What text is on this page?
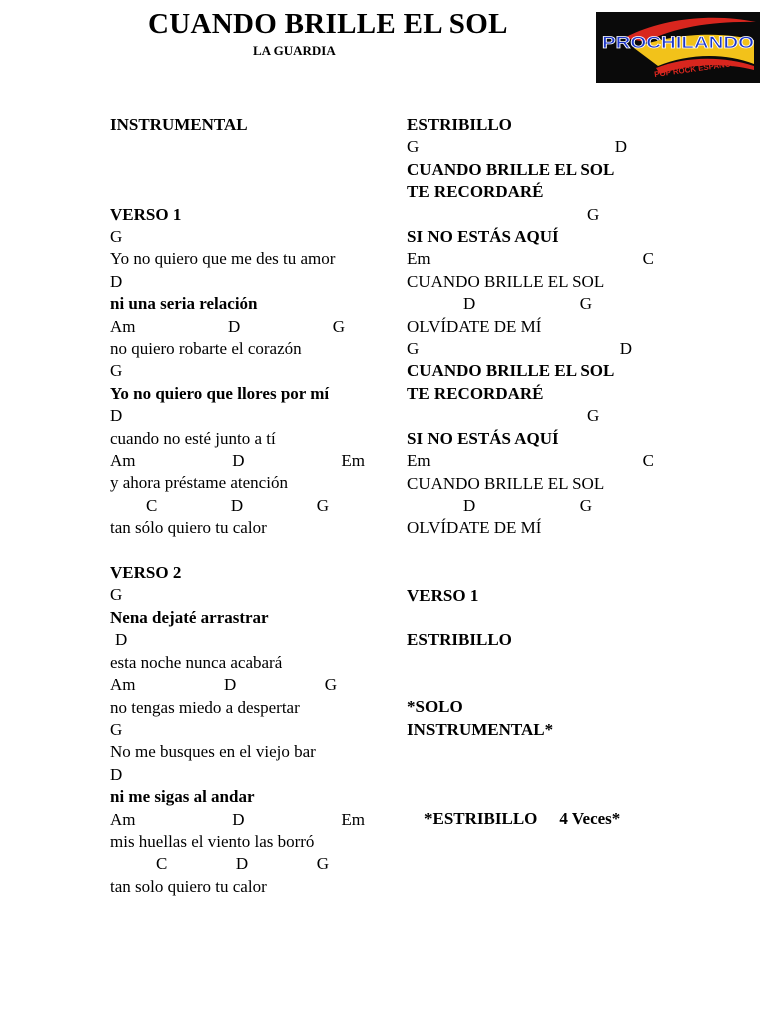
CUANDO BRILLE EL SOL
LA GUARDIA	PROCHILANDO
POP ROCK ESPAÑOL
INSTRUMENTAL
VERSO 1
G
Yo no quiero que me des tu amor
D
ni una seria relación
Am	D	G
no quiero robarte el corazón
G
Yo no quiero que llores por mí
D
cuando no esté junto a tí
Am	D	Em
y ahora préstame atención
C	D	G
tan sólo quiero tu calor
VERSO 2
G
Nena dejaté arrastrar
D
esta noche nunca acabará
Am	D	G
no tengas miedo a despertar
G
No me busques en el viejo bar
D
ni me sigas al andar
Am	D	Em
mis huellas el viento las borró
C	D	G
tan solo quiero tu calor
ESTRIBILLO
G	D
CUANDO BRILLE EL SOL TE RECORDARÉ
G
SI NO ESTÁS AQUÍ
Em	C
CUANDO BRILLE EL SOL
D	G
OLVÍDATE DE MÍ
G	D
CUANDO BRILLE EL SOL TE RECORDARÉ
G
SI NO ESTÁS AQUÍ
Em	C
CUANDO BRILLE EL SOL
D	G
OLVÍDATE DE MÍ
VERSO 1
ESTRIBILLO
*SOLO INSTRUMENTAL*

*ESTRIBILLO 4 Veces*
